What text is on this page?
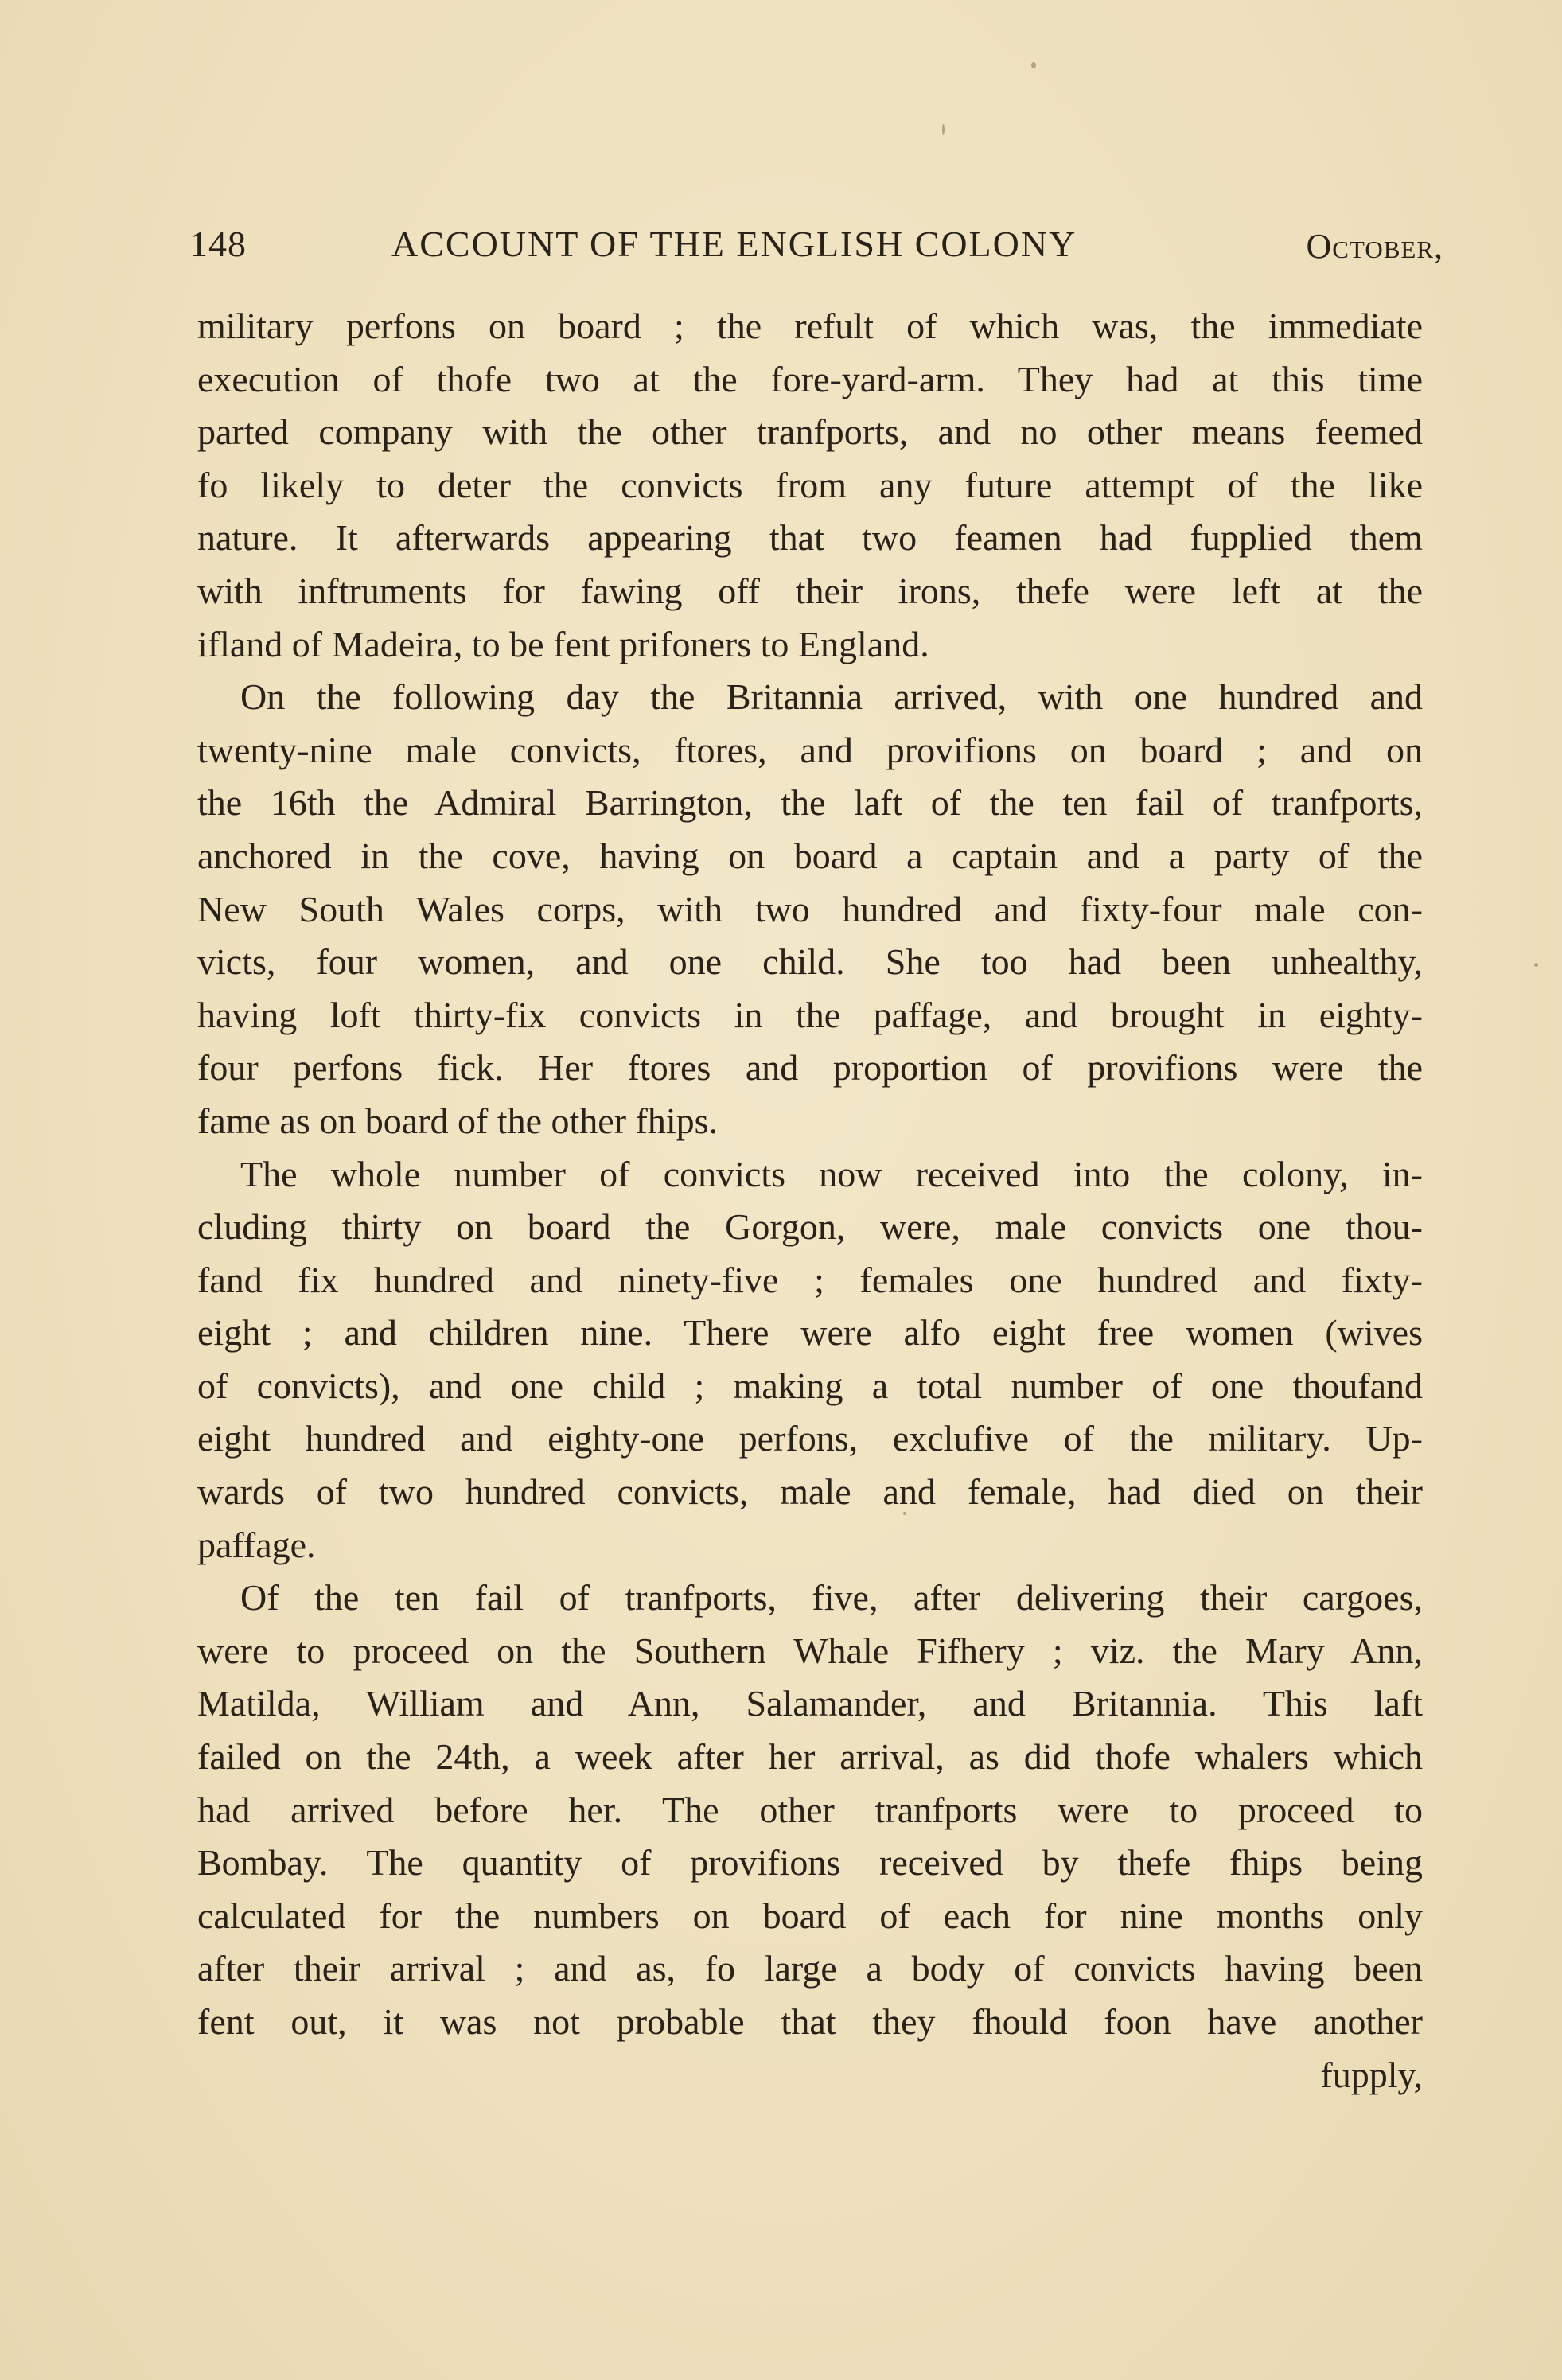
148	ACCOUNT OF THE ENGLISH COLONY	October,
military perfons on board ; the refult of which was, the immediate
execution of thofe two at the fore-yard-arm. They had at this time
parted company with the other tranfports, and no other means feemed
fo likely to deter the convicts from any future attempt of the like
nature. It afterwards appearing that two feamen had fupplied them
with inftruments for fawing off their irons, thefe were left at the
ifland of Madeira, to be fent prifoners to England.
On the following day the Britannia arrived, with one hundred and
twenty-nine male convicts, ftores, and provifions on board ; and on
the 16th the Admiral Barrington, the laft of the ten fail of tranfports,
anchored in the cove, having on board a captain and a party of the
New South Wales corps, with two hundred and fixty-four male con-
victs, four women, and one child. She too had been unhealthy,
having loft thirty-fix convicts in the paffage, and brought in eighty-
four perfons fick. Her ftores and proportion of provifions were the
fame as on board of the other fhips.
The whole number of convicts now received into the colony, in-
cluding thirty on board the Gorgon, were, male convicts one thou-
fand fix hundred and ninety-five ; females one hundred and fixty-
eight ; and children nine. There were alfo eight free women (wives
of convicts), and one child ; making a total number of one thoufand
eight hundred and eighty-one perfons, exclufive of the military. Up-
wards of two hundred convicts, male and female, had died on their
paffage.
Of the ten fail of tranfports, five, after delivering their cargoes,
were to proceed on the Southern Whale Fifhery ; viz. the Mary Ann,
Matilda, William and Ann, Salamander, and Britannia. This laft
failed on the 24th, a week after her arrival, as did thofe whalers which
had arrived before her. The other tranfports were to proceed to
Bombay. The quantity of provifions received by thefe fhips being
calculated for the numbers on board of each for nine months only
after their arrival ; and as, fo large a body of convicts having been
fent out, it was not probable that they fhould foon have another
fupply,
